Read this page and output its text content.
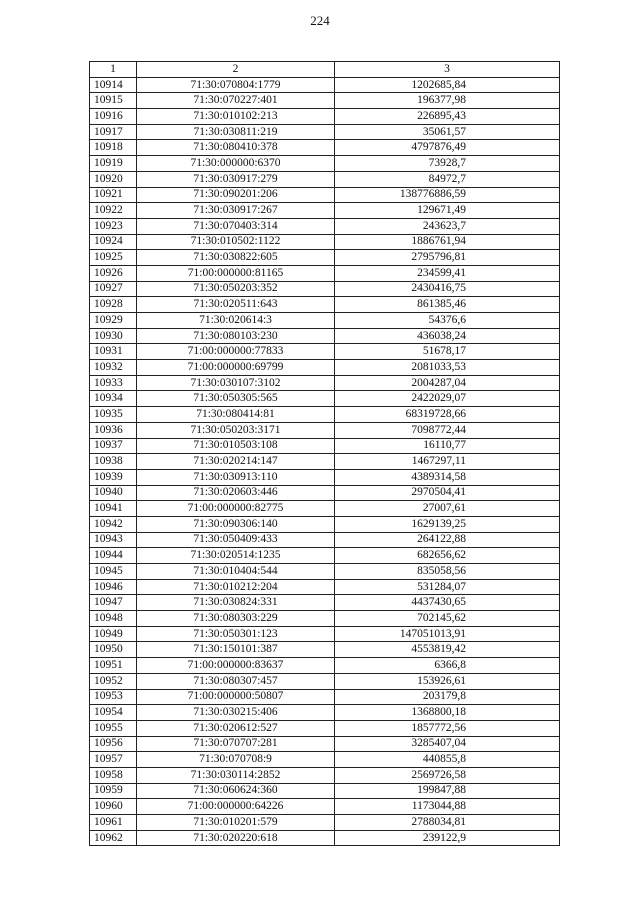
224
1	2	3
10914	71:30:070804:1779	1202685,84
10915	71:30:070227:401	196377,98
10916	71:30:010102:213	226895,43
10917	71:30:030811:219	35061,57
10918	71:30:080410:378	4797876,49
10919	71:30:000000:6370	73928,7
10920	71:30:030917:279	84972,7
10921	71:30:090201:206	138776886,59
10922	71:30:030917:267	129671,49
10923	71:30:070403:314	243623,7
10924	71:30:010502:1122	1886761,94
10925	71:30:030822:605	2795796,81
10926	71:00:000000:81165	234599,41
10927	71:30:050203:352	2430416,75
10928	71:30:020511:643	861385,46
10929	71:30:020614:3	54376,6
10930	71:30:080103:230	436038,24
10931	71:00:000000:77833	51678,17
10932	71:00:000000:69799	2081033,53
10933	71:30:030107:3102	2004287,04
10934	71:30:050305:565	2422029,07
10935	71:30:080414:81	68319728,66
10936	71:30:050203:3171	7098772,44
10937	71:30:010503:108	16110,77
10938	71:30:020214:147	1467297,11
10939	71:30:030913:110	4389314,58
10940	71:30:020603:446	2970504,41
10941	71:00:000000:82775	27007,61
10942	71:30:090306:140	1629139,25
10943	71:30:050409:433	264122,88
10944	71:30:020514:1235	682656,62
10945	71:30:010404:544	835058,56
10946	71:30:010212:204	531284,07
10947	71:30:030824:331	4437430,65
10948	71:30:080303:229	702145,62
10949	71:30:050301:123	147051013,91
10950	71:30:150101:387	4553819,42
10951	71:00:000000:83637	6366,8
10952	71:30:080307:457	153926,61
10953	71:00:000000:50807	203179,8
10954	71:30:030215:406	1368800,18
10955	71:30:020612:527	1857772,56
10956	71:30:070707:281	3285407,04
10957	71:30:070708:9	440855,8
10958	71:30:030114:2852	2569726,58
10959	71:30:060624:360	199847,88
10960	71:00:000000:64226	1173044,88
10961	71:30:010201:579	2788034,81
10962	71:30:020220:618	239122,9
